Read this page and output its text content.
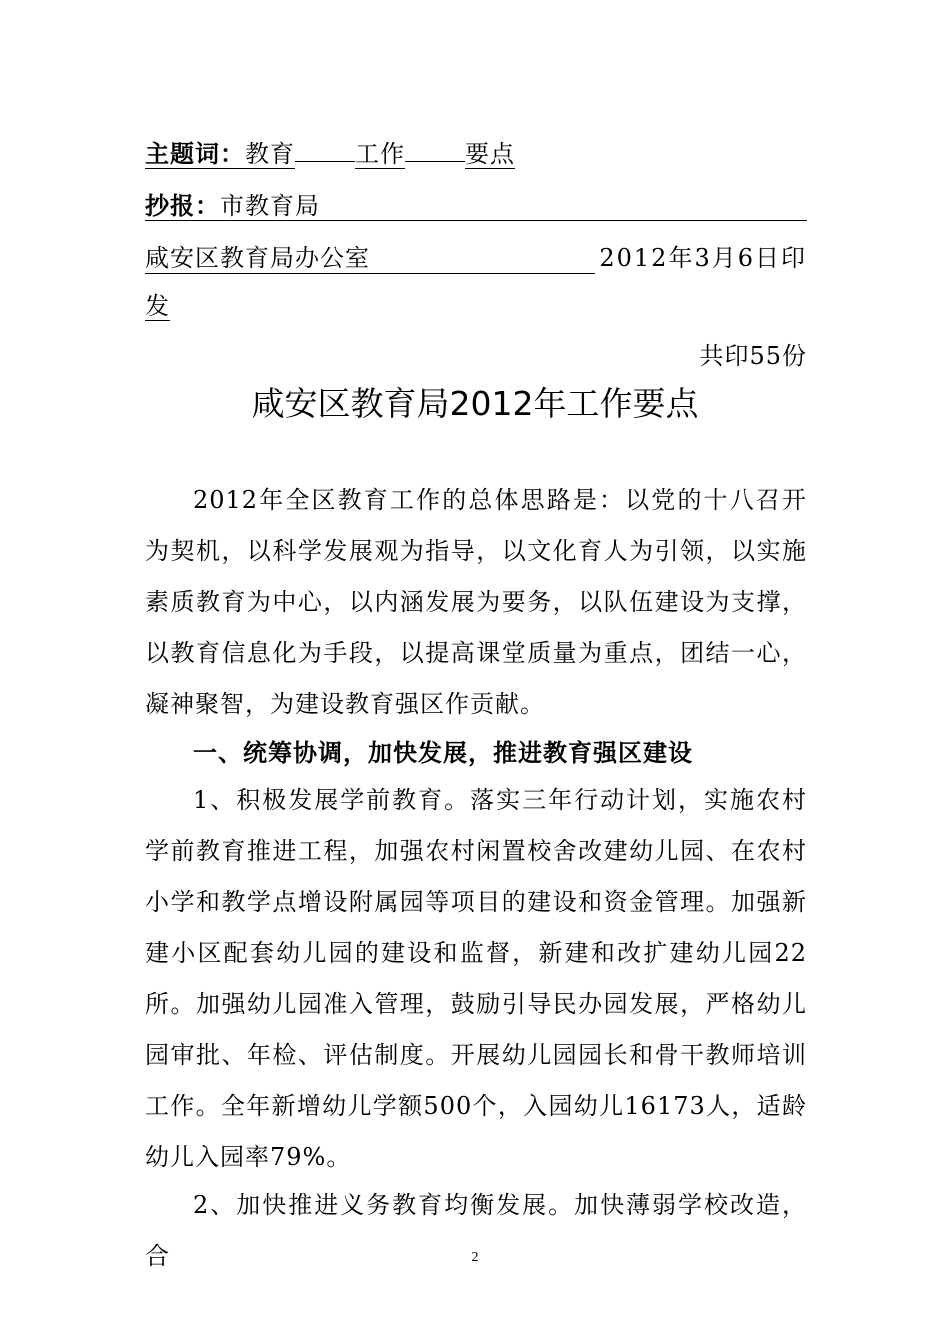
主题词：教育	工作	要点
抄报：市教育局
咸安区教育局办公室	2012年3月6日印
发
共印55份
咸安区教育局2012年工作要点
2012年全区教育工作的总体思路是：以党的十八召开为契机，以科学发展观为指导，以文化育人为引领，以实施素质教育为中心，以内涵发展为要务，以队伍建设为支撑，以教育信息化为手段，以提高课堂质量为重点，团结一心，凝神聚智，为建设教育强区作贡献。
一、统筹协调，加快发展，推进教育强区建设
1、积极发展学前教育。落实三年行动计划，实施农村学前教育推进工程，加强农村闲置校舍改建幼儿园、在农村小学和教学点增设附属园等项目的建设和资金管理。加强新建小区配套幼儿园的建设和监督，新建和改扩建幼儿园22所。加强幼儿园准入管理，鼓励引导民办园发展，严格幼儿园审批、年检、评估制度。开展幼儿园园长和骨干教师培训工作。全年新增幼儿学额500个，入园幼儿16173人，适龄幼儿入园率79%。
2、加快推进义务教育均衡发展。加快薄弱学校改造，合	2
